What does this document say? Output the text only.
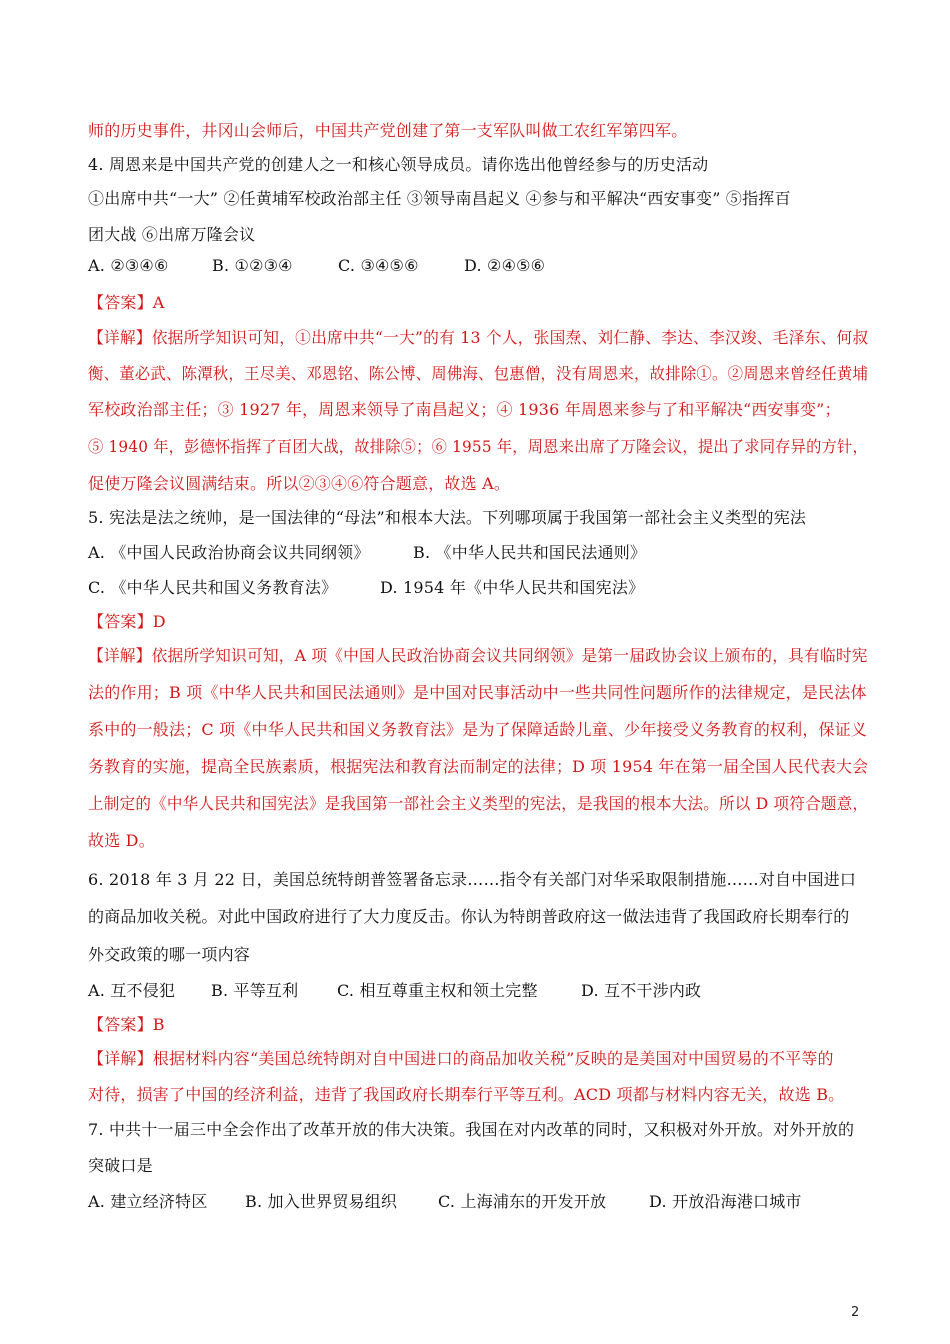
师的历史事件，井冈山会师后，中国共产党创建了第一支军队叫做工农红军第四军。
4. 周恩来是中国共产党的创建人之一和核心领导成员。请你选出他曾经参与的历史活动
①出席中共“一大” ②任黄埔军校政治部主任 ③领导南昌起义 ④参与和平解决“西安事变” ⑤指挥百
团大战 ⑥出席万隆会议
A. ②③④⑥	B. ①②③④	C. ③④⑤⑥	D. ②④⑤⑥
【答案】A
【详解】依据所学知识可知，①出席中共“一大”的有 13 个人，张国焘、刘仁静、李达、李汉竣、毛泽东、何叔
衡、董必武、陈潭秋，王尽美、邓恩铭、陈公博、周佛海、包惠僧，没有周恩来，故排除①。②周恩来曾经任黄埔
军校政治部主任；③ 1927 年，周恩来领导了南昌起义；④ 1936 年周恩来参与了和平解决“西安事变”；
⑤ 1940 年，彭德怀指挥了百团大战，故排除⑤；⑥ 1955 年，周恩来出席了万隆会议，提出了求同存异的方针，
促使万隆会议圆满结束。所以②③④⑥符合题意，故选 A。
5. 宪法是法之统帅，是一国法律的“母法”和根本大法。下列哪项属于我国第一部社会主义类型的宪法
A. 《中国人民政治协商会议共同纲领》	B. 《中华人民共和国民法通则》
C. 《中华人民共和国义务教育法》	D. 1954 年《中华人民共和国宪法》
【答案】D
【详解】依据所学知识可知，A 项《中国人民政治协商会议共同纲领》是第一届政协会议上颁布的，具有临时宪
法的作用；B 项《中华人民共和国民法通则》是中国对民事活动中一些共同性问题所作的法律规定，是民法体
系中的一般法；C 项《中华人民共和国义务教育法》是为了保障适龄儿童、少年接受义务教育的权利，保证义
务教育的实施，提高全民族素质，根据宪法和教育法而制定的法律；D 项 1954 年在第一届全国人民代表大会
上制定的《中华人民共和国宪法》是我国第一部社会主义类型的宪法，是我国的根本大法。所以 D 项符合题意，
故选 D。
6. 2018 年 3 月 22 日，美国总统特朗普签署备忘录……指令有关部门对华采取限制措施……对自中国进口
的商品加收关税。对此中国政府进行了大力度反击。你认为特朗普政府这一做法违背了我国政府长期奉行的
外交政策的哪一项内容
A. 互不侵犯 B. 平等互利 C. 相互尊重主权和领土完整	D. 互不干涉内政
【答案】B
【详解】根据材料内容“美国总统特朗对自中国进口的商品加收关税”反映的是美国对中国贸易的不平等的
对待，损害了中国的经济利益，违背了我国政府长期奉行平等互利。ACD 项都与材料内容无关，故选 B。
7. 中共十一届三中全会作出了改革开放的伟大决策。我国在对内改革的同时，又积极对外开放。对外开放的
突破口是
A. 建立经济特区 B. 加入世界贸易组织	C. 上海浦东的开发开放	D. 开放沿海港口城市
2
